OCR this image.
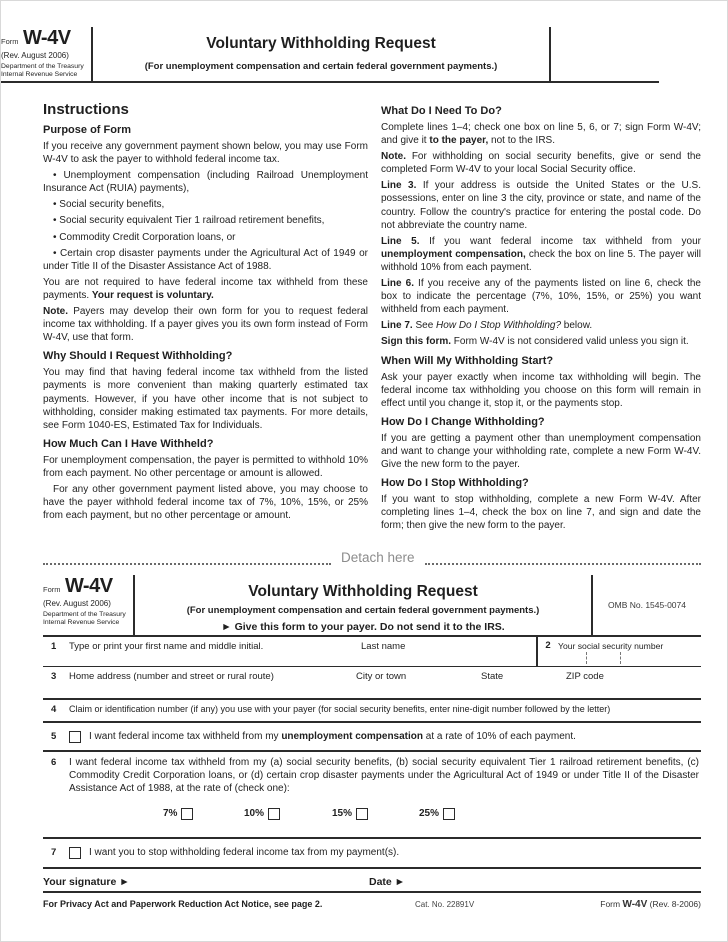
Form W-4V
(Rev. August 2006)
Department of the Treasury
Internal Revenue Service
Voluntary Withholding Request
(For unemployment compensation and certain federal government payments.)
Instructions
Purpose of Form
If you receive any government payment shown below, you may use Form W-4V to ask the payer to withhold federal income tax.
• Unemployment compensation (including Railroad Unemployment Insurance Act (RUIA) payments),
• Social security benefits,
• Social security equivalent Tier 1 railroad retirement benefits,
• Commodity Credit Corporation loans, or
• Certain crop disaster payments under the Agricultural Act of 1949 or under Title II of the Disaster Assistance Act of 1988.
You are not required to have federal income tax withheld from these payments. Your request is voluntary.
Note. Payers may develop their own form for you to request federal income tax withholding. If a payer gives you its own form instead of Form W-4V, use that form.
Why Should I Request Withholding?
You may find that having federal income tax withheld from the listed payments is more convenient than making quarterly estimated tax payments. However, if you have other income that is not subject to withholding, consider making estimated tax payments. For more details, see Form 1040-ES, Estimated Tax for Individuals.
How Much Can I Have Withheld?
For unemployment compensation, the payer is permitted to withhold 10% from each payment. No other percentage or amount is allowed.
For any other government payment listed above, you may choose to have the payer withhold federal income tax of 7%, 10%, 15%, or 25% from each payment, but no other percentage or amount.
What Do I Need To Do?
Complete lines 1–4; check one box on line 5, 6, or 7; sign Form W-4V; and give it to the payer, not to the IRS.
Note. For withholding on social security benefits, give or send the completed Form W-4V to your local Social Security office.
Line 3. If your address is outside the United States or the U.S. possessions, enter on line 3 the city, province or state, and name of the country. Follow the country's practice for entering the postal code. Do not abbreviate the country name.
Line 5. If you want federal income tax withheld from your unemployment compensation, check the box on line 5. The payer will withhold 10% from each payment.
Line 6. If you receive any of the payments listed on line 6, check the box to indicate the percentage (7%, 10%, 15%, or 25%) you want withheld from each payment.
Line 7. See How Do I Stop Withholding? below.
Sign this form. Form W-4V is not considered valid unless you sign it.
When Will My Withholding Start?
Ask your payer exactly when income tax withholding will begin. The federal income tax withholding you choose on this form will remain in effect until you change it, stop it, or the payments stop.
How Do I Change Withholding?
If you are getting a payment other than unemployment compensation and want to change your withholding rate, complete a new Form W-4V. Give the new form to the payer.
How Do I Stop Withholding?
If you want to stop withholding, complete a new Form W-4V. After completing lines 1–4, check the box on line 7, and sign and date the form; then give the new form to the payer.
Detach here
Form W-4V
(Rev. August 2006)
Department of the Treasury
Internal Revenue Service
Voluntary Withholding Request
(For unemployment compensation and certain federal government payments.)
► Give this form to your payer. Do not send it to the IRS.
OMB No. 1545-0074
1	Type or print your first name and middle initial.	Last name	2 Your social security number
3	Home address (number and street or rural route)	City or town	State	ZIP code
4	Claim or identification number (if any) you use with your payer (for social security benefits, enter nine-digit number followed by the letter)
5	I want federal income tax withheld from my unemployment compensation at a rate of 10% of each payment.
6	I want federal income tax withheld from my (a) social security benefits, (b) social security equivalent Tier 1 railroad retirement benefits, (c) Commodity Credit Corporation loans, or (d) certain crop disaster payments under the Agricultural Act of 1949 or under Title II of the Disaster Assistance Act of 1988, at the rate of (check one):
7%	10%	15%	25%
7	I want you to stop withholding federal income tax from my payment(s).
Your signature ►	Date ►
For Privacy Act and Paperwork Reduction Act Notice, see page 2.	Cat. No. 22891V	Form W-4V (Rev. 8-2006)
